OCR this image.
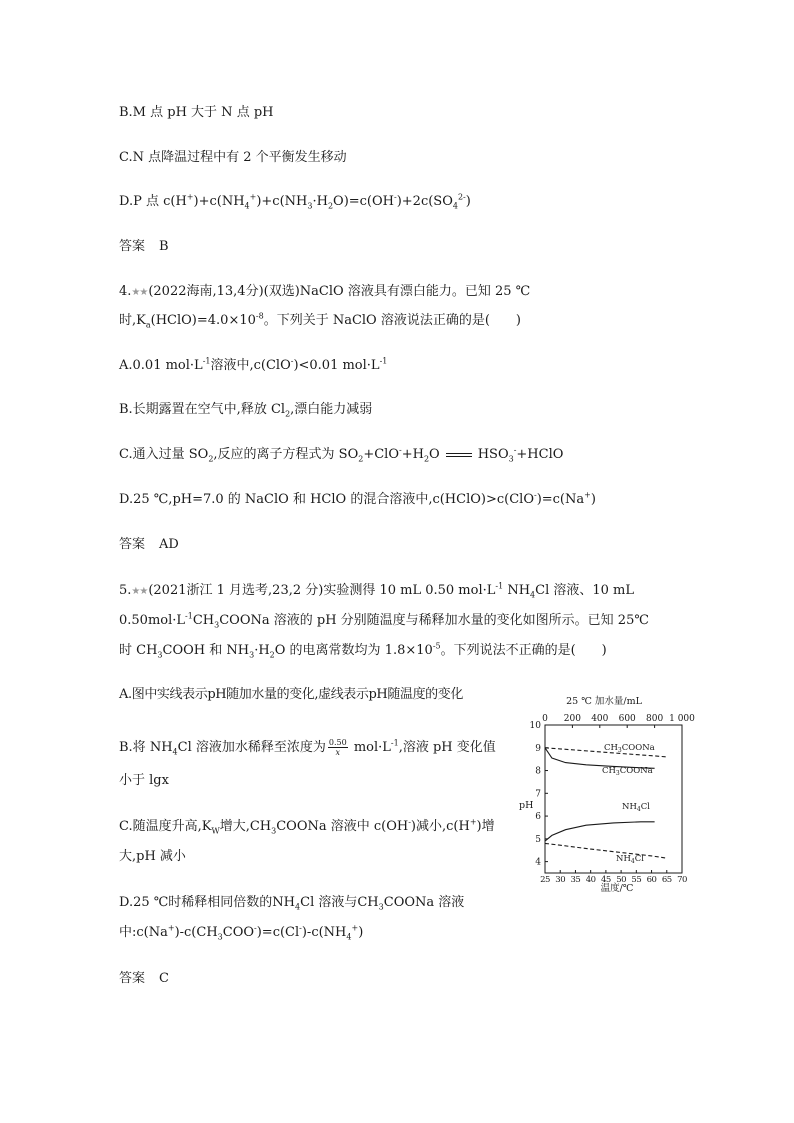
B.M 点 pH 大于 N 点 pH
C.N 点降温过程中有 2 个平衡发生移动
D.P 点 $c(H^+)+c(NH_4^+)+c(NH_3\cdot H_2O)=c(OH^-)+2c(SO_4^{2-})$
答案 B
4.★★(2022海南,13,4分)(双选)NaClO 溶液具有漂白能力。已知 25 ℃
时$,K_a(HClO)=4.0\times 10^{-8}$。下列关于 NaClO 溶液说法正确的是(　　)
A.0.01 $mol\cdot L^{-1}$溶液中,c(ClO-)<0.01 $mol\cdot L^{-1}$
B.长期露置在空气中,释放 $Cl_2$,漂白能力减弱
C.通入过量 $SO_2$,反应的离子方程式为 $SO_2+ClO^-+H_2O$	$HSO_3^-+HClO$
D.25 ℃,pH=7.0 的 NaClO 和 HClO 的混合溶液中,c(HClO)>c(ClO-)=c(Na+)
答案 AD
5.★★(2021浙江 1 月选考,23,2 分)实验测得 10 mL 0.50 $mol\cdot L^{-1}$ $NH_4Cl$ 溶液、10 mL
$0.50mol\cdot L^{-1}CH_3COONa$ 溶液的 pH 分别随温度与稀释加水量的变化如图所示。已知 25℃
时 $CH_3COOH$ 和 $NH_3\cdot H_2O$ 的电离常数均为 $1.8\times 10^{-5}$。下列说法不正确的是(　　)
A.图中实线表示pH随加水量的变化,虚线表示pH随温度的变化
B.将 $NH_4Cl$ 溶液加水稀释至浓度为 $\frac{0.50}{x} mol\cdot L^{-1}$,溶液 pH 变化值
小于 lgx
C.随温度升高$,K_W$增大$,CH_3COONa$ 溶液中 c(OH-)减小,c(H+)增
大,pH 减小
D.25 ℃时稀释相同倍数的$NH_4Cl$ 溶液与$CH_3COONa$ 溶液
中$:c(Na^+)-c(CH_3COO^-)=c(Cl^-)-c(NH_4^+)$
答案 C
25 ℃ 加水量/mL
0 200 400 600 800 1 000
25 30 35 40 45 50 55 60 65 70
4
5
6
7
8
9
10
pH
温度/℃
$CH_3COONa$
$CH_3COONa$
$NH_4Cl$
$NH_4Cl$
